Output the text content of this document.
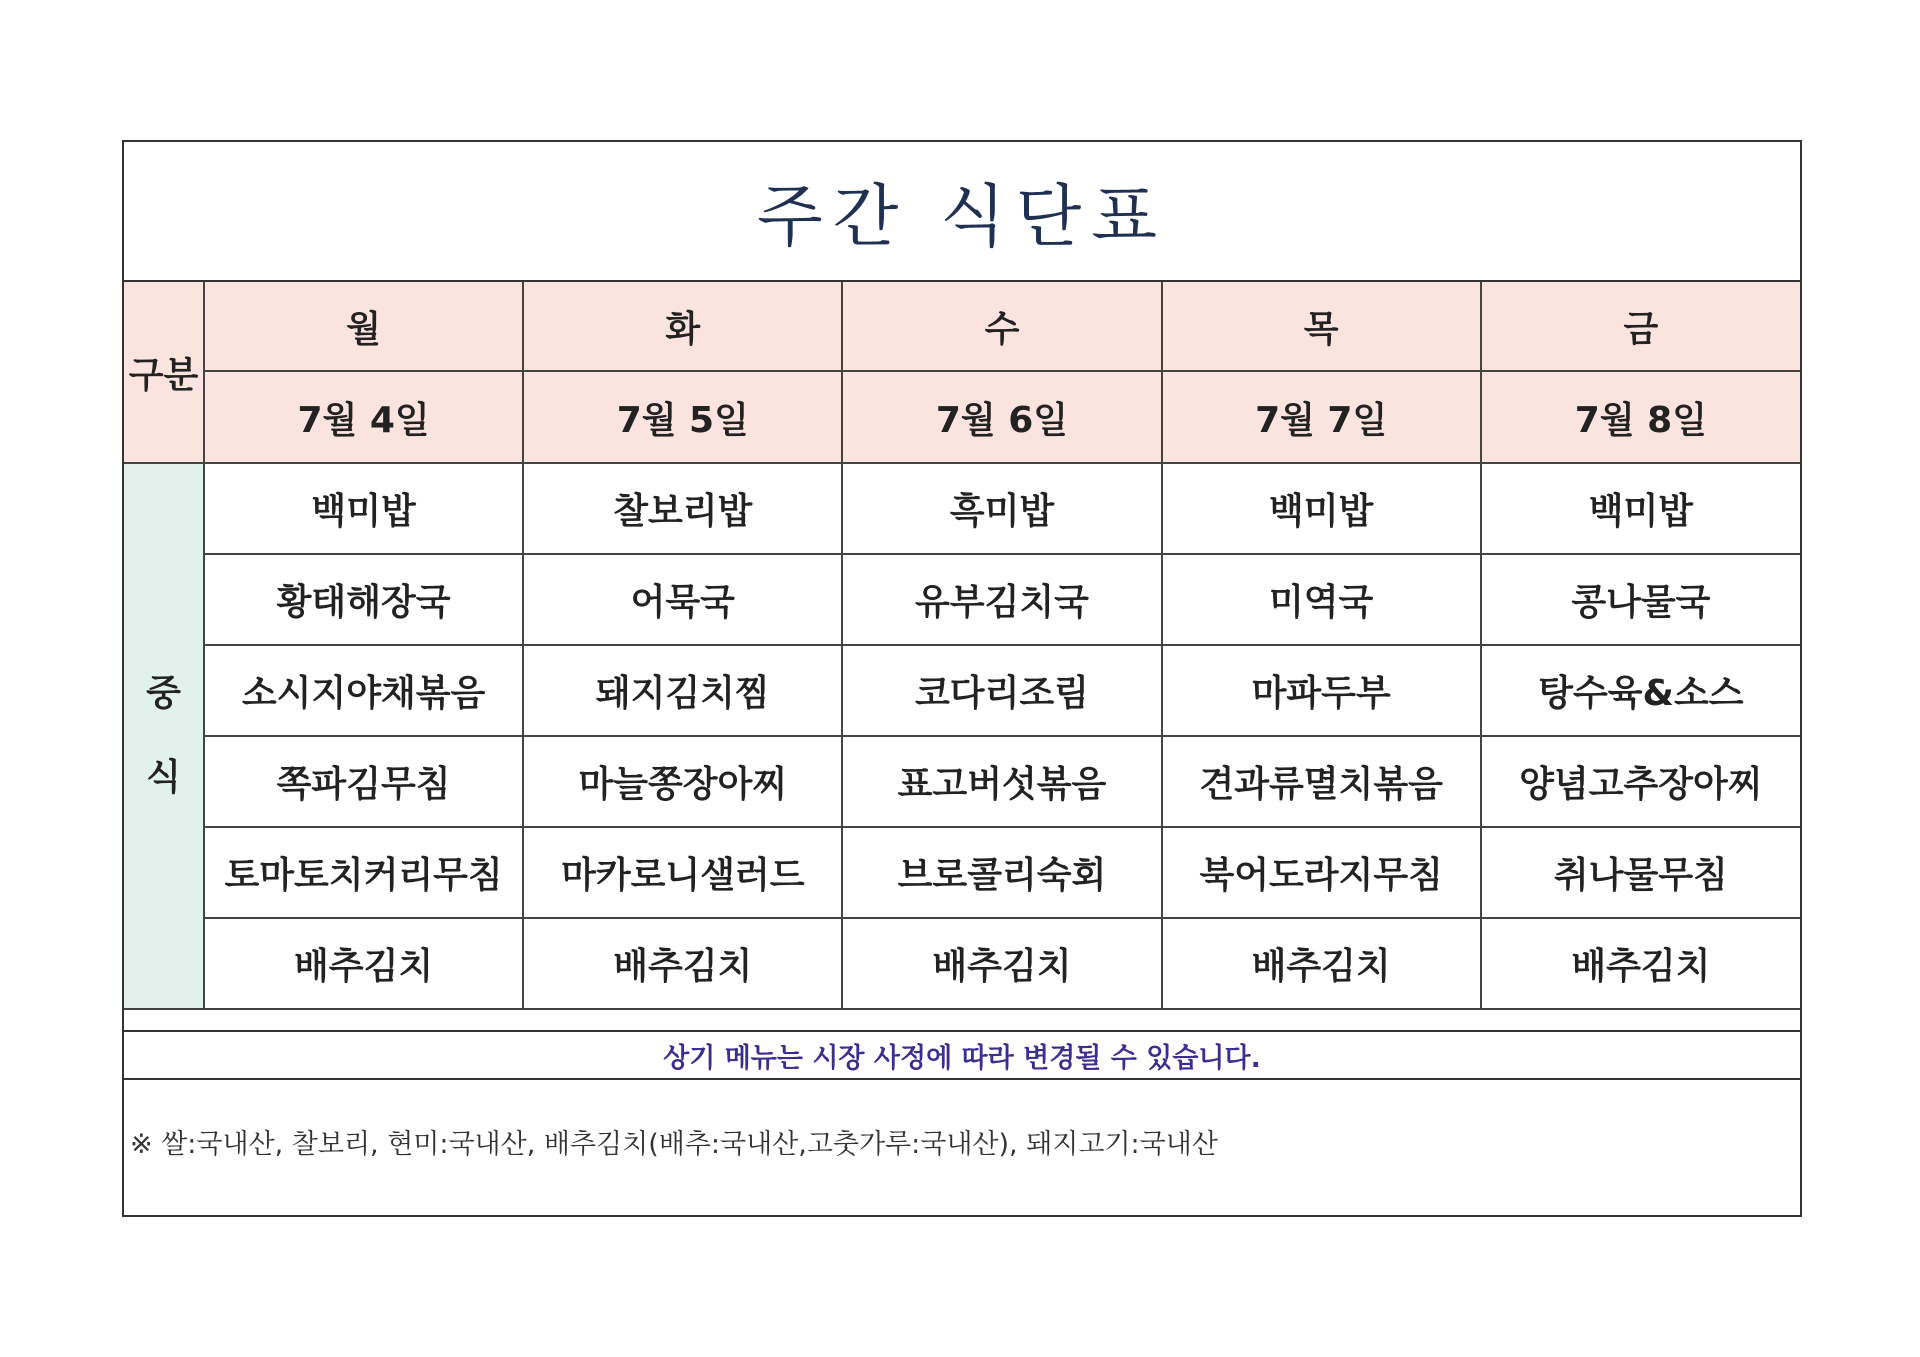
주간 식단표
구분	월	화	수	목	금
	7월 4일	7월 5일	7월 6일	7월 7일	7월 8일

중
식	백미밥	찰보리밥	흑미밥	백미밥	백미밥
	황태해장국	어묵국	유부김치국	미역국	콩나물국
	소시지야채볶음	돼지김치찜	코다리조림	마파두부	탕수육&소스
	쪽파김무침	마늘쫑장아찌	표고버섯볶음	견과류멸치볶음	양념고추장아찌
	토마토치커리무침	마카로니샐러드	브로콜리숙회	북어도라지무침	취나물무침
	배추김치	배추김치	배추김치	배추김치	배추김치
상기 메뉴는 시장 사정에 따라 변경될 수 있습니다.
※ 쌀:국내산, 찰보리, 현미:국내산, 배추김치(배추:국내산,고춧가루:국내산), 돼지고기:국내산
